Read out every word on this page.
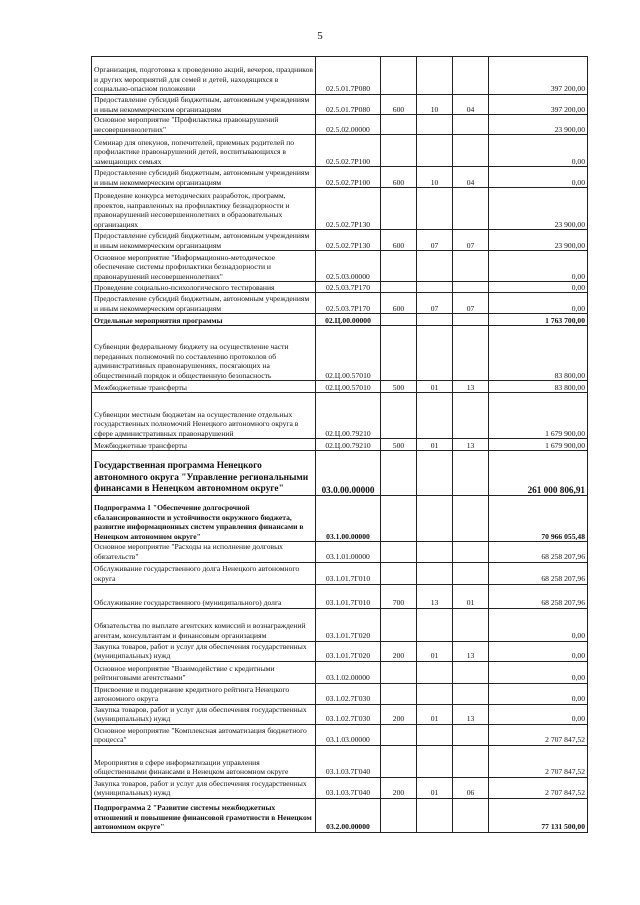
5
Организация, подготовка к проведению акций, вечеров, праздников и других мероприятий для семей и детей, находящихся в социально-опасном положении	02.5.01.7Р080				397 200,00
Предоставление субсидий бюджетным, автономным учреждениям и иным некоммерческим организациям	02.5.01.7Р080	600	10	04	397 200,00
Основное мероприятие "Профилактика правонарушений несовершеннолетних"	02.5.02.00000				23 900,00
Семинар для опекунов, попечителей, приемных родителей по профилактике правонарушений детей, воспитывающихся в замещающих семьях	02.5.02.7Р100				0,00
Предоставление субсидий бюджетным, автономным учреждениям и иным некоммерческим организациям	02.5.02.7Р100	600	10	04	0,00
Проведение конкурса методических разработок, программ, проектов, направленных на профилактику безнадзорности и правонарушений несовершеннолетних в образовательных организациях	02.5.02.7Р130				23 900,00
Предоставление субсидий бюджетным, автономным учреждениям и иным некоммерческим организациям	02.5.02.7Р130	600	07	07	23 900,00
Основное мероприятие "Информационно-методическое обеспечение системы профилактики безнадзорности и правонарушений несовершеннолетних"	02.5.03.00000				0,00
Проведение социально-психологического тестирования	02.5.03.7Р170				0,00
Предоставление субсидий бюджетным, автономным учреждениям и иным некоммерческим организациям	02.5.03.7Р170	600	07	07	0,00
Отдельные мероприятия программы	02.Ц.00.00000				1 763 700,00
Субвенции федеральному бюджету на осуществление части переданных полномочий по составлению протоколов об административных правонарушениях, посягающих на общественный порядок и общественную безопасность	02.Ц.00.57010				83 800,00
Межбюджетные трансферты	02.Ц.00.57010	500	01	13	83 800,00
Субвенции местным бюджетам на осуществление отдельных государственных полномочий Ненецкого автономного округа в сфере административных правонарушений	02.Ц.00.79210				1 679 900,00
Межбюджетные трансферты	02.Ц.00.79210	500	01	13	1 679 900,00
Государственная программа Ненецкого автономного округа "Управление региональными финансами в Ненецком автономном округе"	03.0.00.00000				261 000 806,91
Подпрограмма 1 "Обеспечение долгосрочной сбалансированности и устойчивости окружного бюджета, развитие информационных систем управления финансами в Ненецком автономном округе"	03.1.00.00000				70 966 055,48
Основное мероприятие "Расходы на исполнение долговых обязательств"	03.1.01.00000				68 258 207,96
Обслуживание государственного долга Ненецкого автономного округа	03.1.01.7Г010				68 258 207,96
Обслуживание государственного (муниципального) долга	03.1.01.7Г010	700	13	01	68 258 207,96
Обязательства по выплате агентских комиссий и вознаграждений агентам, консультантам и финансовым организациям	03.1.01.7Г020				0,00
Закупка товаров, работ и услуг для обеспечения государственных (муниципальных) нужд	03.1.01.7Г020	200	01	13	0,00
Основное мероприятие "Взаимодействие с кредитными рейтинговыми агентствами"	03.1.02.00000				0,00
Присвоение и поддержание кредитного рейтинга Ненецкого автономного округа	03.1.02.7Г030				0,00
Закупка товаров, работ и услуг для обеспечения государственных (муниципальных) нужд	03.1.02.7Г030	200	01	13	0,00
Основное мероприятие "Комплексная автоматизация бюджетного процесса"	03.1.03.00000				2 707 847,52
Мероприятия в сфере информатизации управления общественными финансами в Ненецком автономном округе	03.1.03.7Г040				2 707 847,52
Закупка товаров, работ и услуг для обеспечения государственных (муниципальных) нужд	03.1.03.7Г040	200	01	06	2 707 847,52
Подпрограмма 2 "Развитие системы межбюджетных отношений и повышение финансовой грамотности в Ненецком автономном округе"	03.2.00.00000				77 131 500,00
